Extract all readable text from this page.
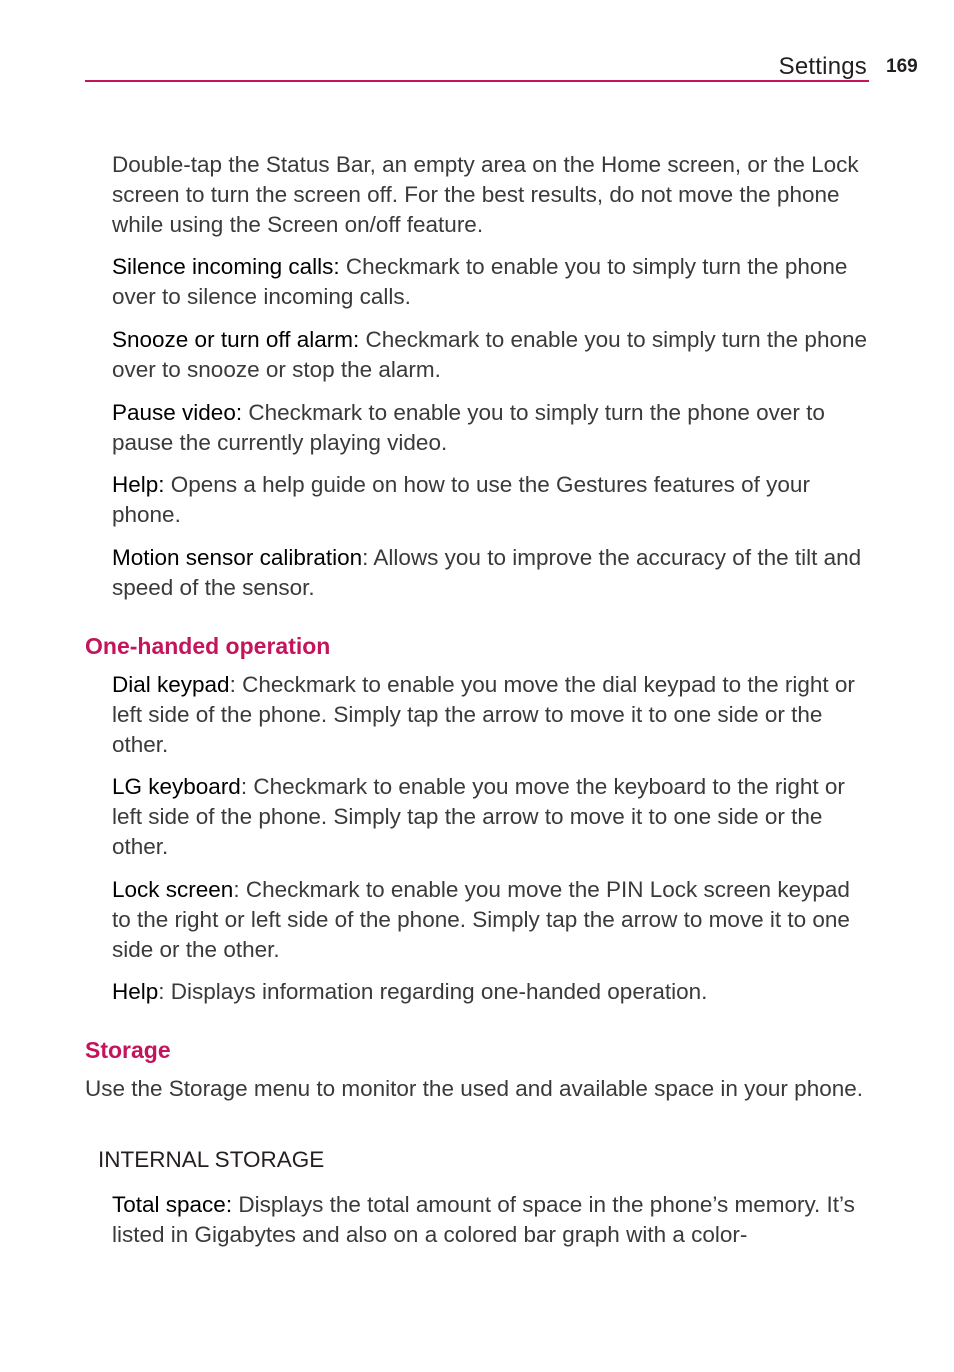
Settings 169

Double-tap the Status Bar, an empty area on the Home screen, or the Lock screen to turn the screen off. For the best results, do not move the phone while using the Screen on/off feature.

Silence incoming calls: Checkmark to enable you to simply turn the phone over to silence incoming calls.

Snooze or turn off alarm: Checkmark to enable you to simply turn the phone over to snooze or stop the alarm.

Pause video: Checkmark to enable you to simply turn the phone over to pause the currently playing video.

Help: Opens a help guide on how to use the Gestures features of your phone.

Motion sensor calibration: Allows you to improve the accuracy of the tilt and speed of the sensor.

One-handed operation

Dial keypad: Checkmark to enable you move the dial keypad to the right or left side of the phone. Simply tap the arrow to move it to one side or the other.

LG keyboard: Checkmark to enable you move the keyboard to the right or left side of the phone. Simply tap the arrow to move it to one side or the other.

Lock screen: Checkmark to enable you move the PIN Lock screen keypad to the right or left side of the phone. Simply tap the arrow to move it to one side or the other.

Help: Displays information regarding one-handed operation.

Storage

Use the Storage menu to monitor the used and available space in your phone.

INTERNAL STORAGE

Total space: Displays the total amount of space in the phone’s memory. It’s listed in Gigabytes and also on a colored bar graph with a color-
